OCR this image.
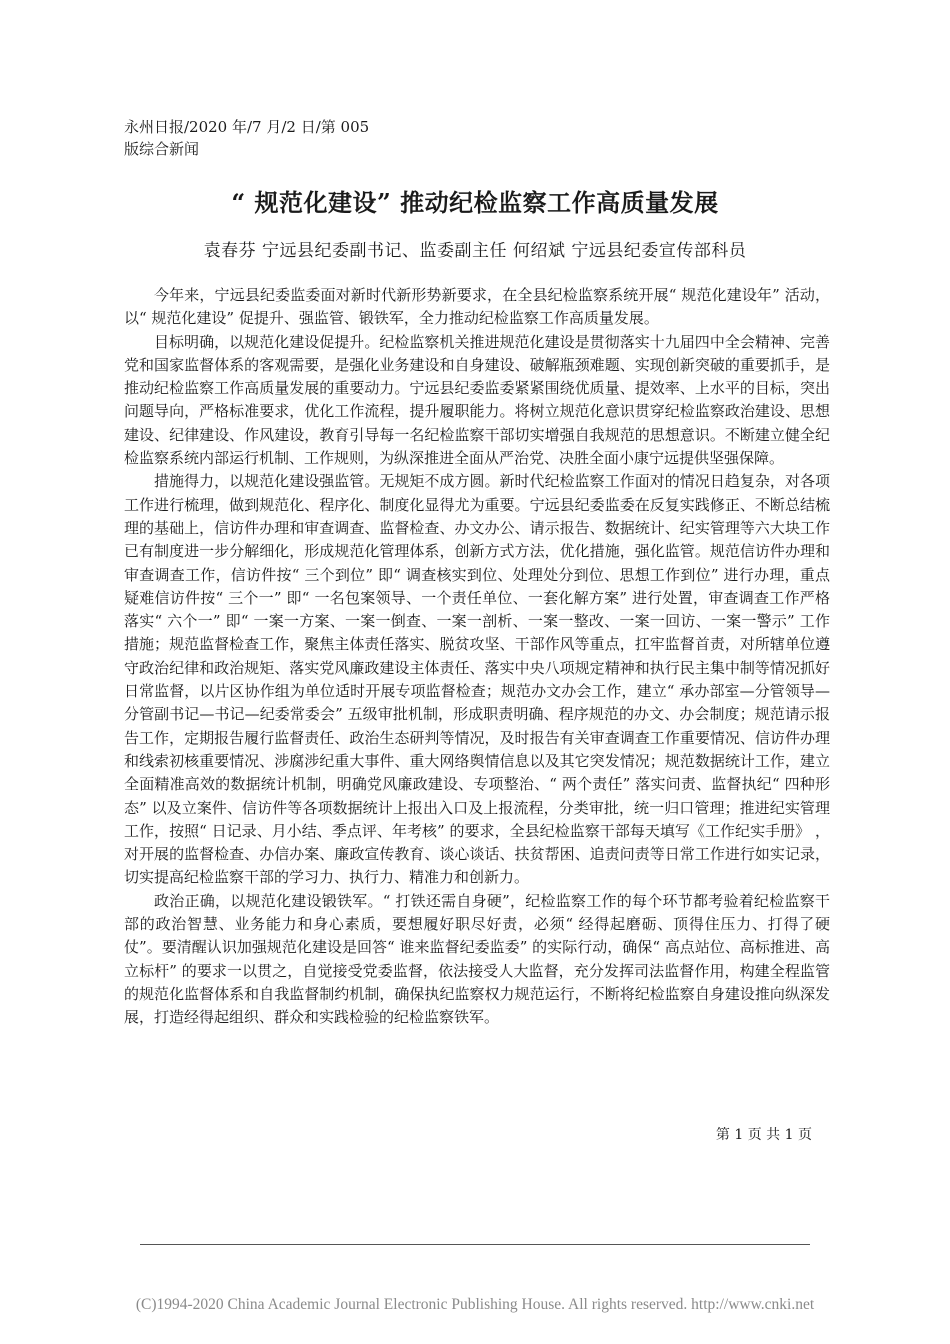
永州日报/2020 年/7 月/2 日/第 005
版综合新闻
“ 规范化建设” 推动纪检监察工作高质量发展
袁春芬 宁远县纪委副书记、监委副主任 何绍斌 宁远县纪委宣传部科员

今年来，宁远县纪委监委面对新时代新形势新要求，在全县纪检监察系统开展“ 规范化建设年” 活动，以“ 规范化建设” 促提升、强监管、锻铁军，全力推动纪检监察工作高质量发展。

目标明确，以规范化建设促提升。纪检监察机关推进规范化建设是贯彻落实十九届四中全会精神、完善党和国家监督体系的客观需要，是强化业务建设和自身建设、破解瓶颈难题、实现创新突破的重要抓手，是推动纪检监察工作高质量发展的重要动力。宁远县纪委监委紧紧围绕优质量、提效率、上水平的目标，突出问题导向，严格标准要求，优化工作流程，提升履职能力。将树立规范化意识贯穿纪检监察政治建设、思想建设、纪律建设、作风建设，教育引导每一名纪检监察干部切实增强自我规范的思想意识。不断建立健全纪检监察系统内部运行机制、工作规则，为纵深推进全面从严治党、决胜全面小康宁远提供坚强保障。

措施得力，以规范化建设强监管。无规矩不成方圆。新时代纪检监察工作面对的情况日趋复杂，对各项工作进行梳理，做到规范化、程序化、制度化显得尤为重要。宁远县纪委监委在反复实践修正、不断总结梳理的基础上，信访件办理和审查调查、监督检查、办文办公、请示报告、数据统计、纪实管理等六大块工作已有制度进一步分解细化，形成规范化管理体系，创新方式方法，优化措施，强化监管。规范信访件办理和审查调查工作，信访件按“ 三个到位” 即“ 调查核实到位、处理处分到位、思想工作到位” 进行办理，重点疑难信访件按“ 三个一” 即“ 一名包案领导、一个责任单位、一套化解方案” 进行处置，审查调查工作严格落实“ 六个一” 即“ 一案一方案、一案一倒查、一案一剖析、一案一整改、一案一回访、一案一警示” 工作措施；规范监督检查工作，聚焦主体责任落实、脱贫攻坚、干部作风等重点，扛牢监督首责，对所辖单位遵守政治纪律和政治规矩、落实党风廉政建设主体责任、落实中央八项规定精神和执行民主集中制等情况抓好日常监督，以片区协作组为单位适时开展专项监督检查；规范办文办会工作，建立“ 承办部室—分管领导—分管副书记—书记—纪委常委会” 五级审批机制，形成职责明确、程序规范的办文、办会制度；规范请示报告工作，定期报告履行监督责任、政治生态研判等情况，及时报告有关审查调查工作重要情况、信访件办理和线索初核重要情况、涉腐涉纪重大事件、重大网络舆情信息以及其它突发情况；规范数据统计工作，建立全面精准高效的数据统计机制，明确党风廉政建设、专项整治、“ 两个责任” 落实问责、监督执纪“ 四种形态” 以及立案件、信访件等各项数据统计上报出入口及上报流程，分类审批，统一归口管理；推进纪实管理工作，按照“ 日记录、月小结、季点评、年考核” 的要求，全县纪检监察干部每天填写《工作纪实手册》 ，对开展的监督检查、办信办案、廉政宣传教育、谈心谈话、扶贫帮困、追责问责等日常工作进行如实记录，切实提高纪检监察干部的学习力、执行力、精准力和创新力。

政治正确，以规范化建设锻铁军。“ 打铁还需自身硬”，纪检监察工作的每个环节都考验着纪检监察干部的政治智慧、业务能力和身心素质，要想履好职尽好责，必须“ 经得起磨砺、顶得住压力、打得了硬仗”。要清醒认识加强规范化建设是回答“ 谁来监督纪委监委” 的实际行动，确保“ 高点站位、高标推进、高立标杆” 的要求一以贯之，自觉接受党委监督，依法接受人大监督，充分发挥司法监督作用，构建全程监管的规范化监督体系和自我监督制约机制，确保执纪监察权力规范运行，不断将纪检监察自身建设推向纵深发展，打造经得起组织、群众和实践检验的纪检监察铁军。

第 1 页 共 1 页
(C)1994-2020 China Academic Journal Electronic Publishing House. All rights reserved. http://www.cnki.net
